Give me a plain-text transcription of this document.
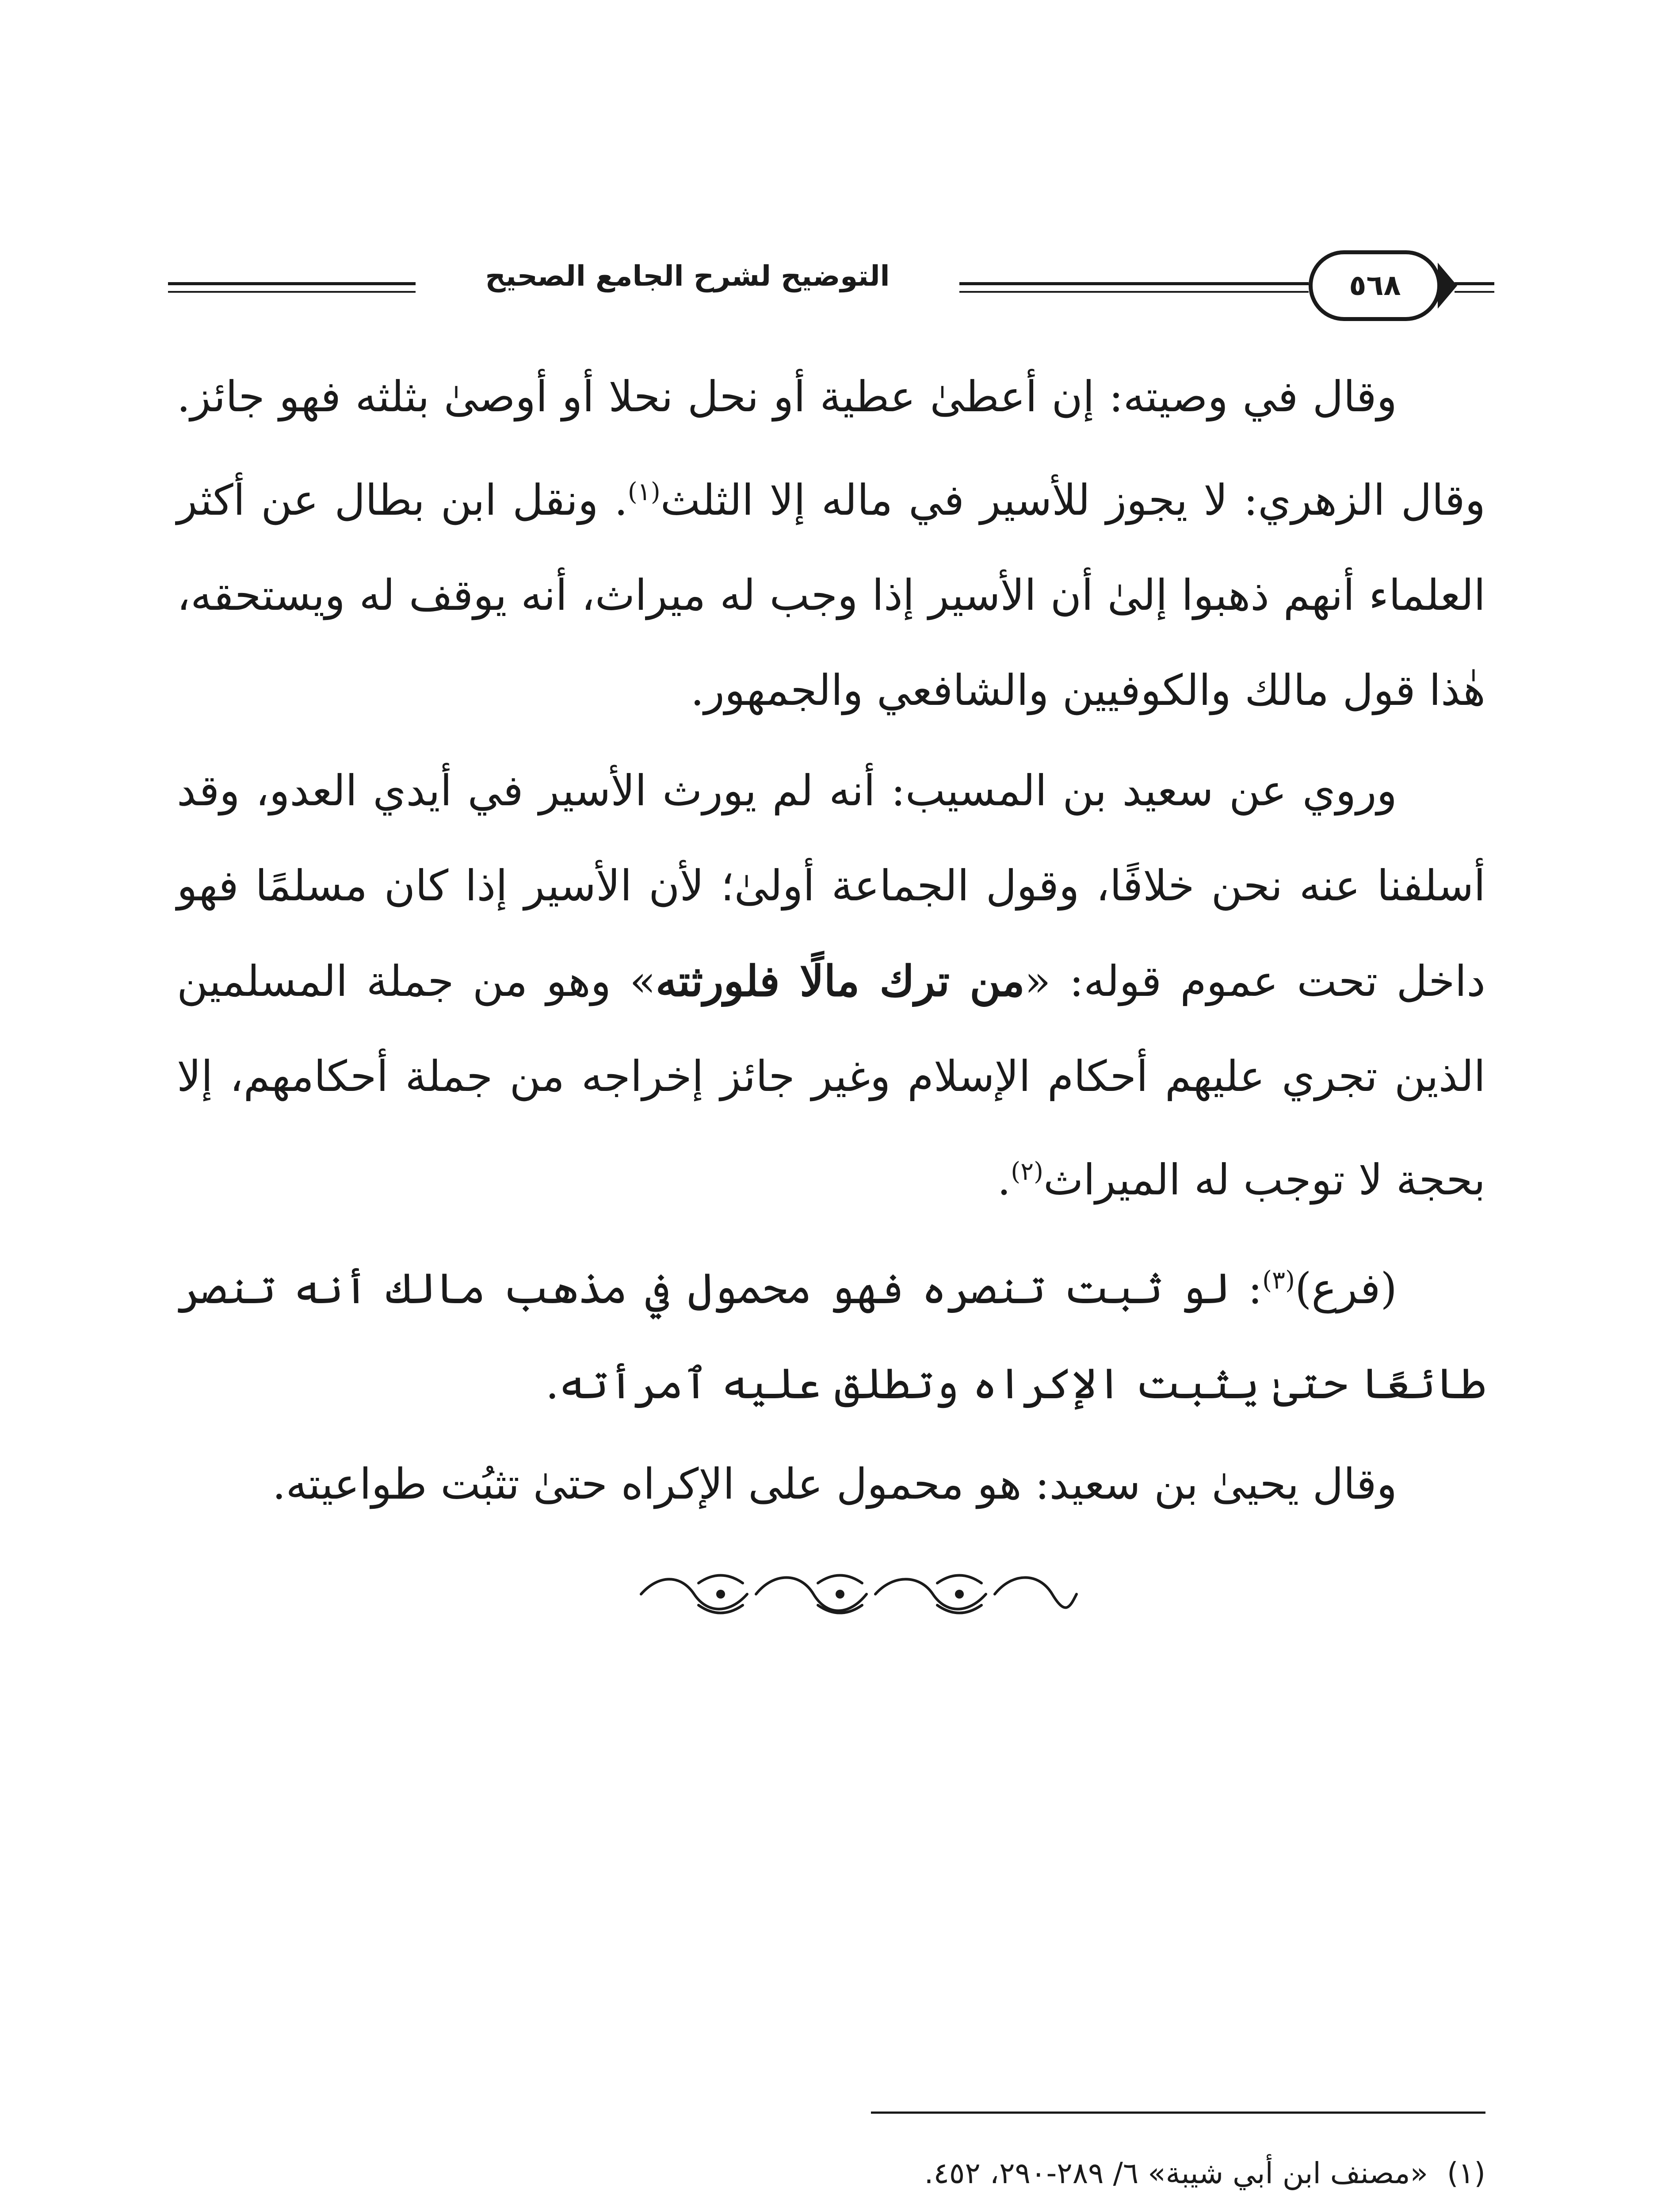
التوضيح لشرح الجامع الصحيح	٥٦٨

وقال في وصيته: إن أعطىٰ عطية أو نحل نحلا أو أوصىٰ بثلثه فهو جائز. وقال الزهري: لا يجوز للأسير في ماله إلا الثلث$^{(١)}$. ونقل ابن بطال عن أكثر العلماء أنهم ذهبوا إلىٰ أن الأسير إذا وجب له ميراث، أنه يوقف له ويستحقه، هٰذا قول مالك والكوفيين والشافعي والجمهور.

وروي عن سعيد بن المسيب: أنه لم يورث الأسير في أيدي العدو، وقد أسلفنا عنه نحن خلافًا، وقول الجماعة أولىٰ؛ لأن الأسير إذا كان مسلمًا فهو داخل تحت عموم قوله: «من ترك مالًا فلورثته» وهو من جملة المسلمين الذين تجري عليهم أحكام الإسلام وغير جائز إخراجه من جملة أحكامهم، إلا بحجة لا توجب له الميراث$^{(٢)}$.

(فرع)$^{(٣)}$: لو ثبت تنصره فهو محمول في مذهب مالك أنه تنصر طائعًا حتىٰ يثبت الإكراه وتطلق عليه ٱمرأته.

وقال يحيىٰ بن سعيد: هو محمول على الإكراه حتىٰ تثبُت طواعيته.

(١)«مصنف ابن أبي شيبة» ٦/ ٢٨٩-٢٩٠، ٤٥٢.
